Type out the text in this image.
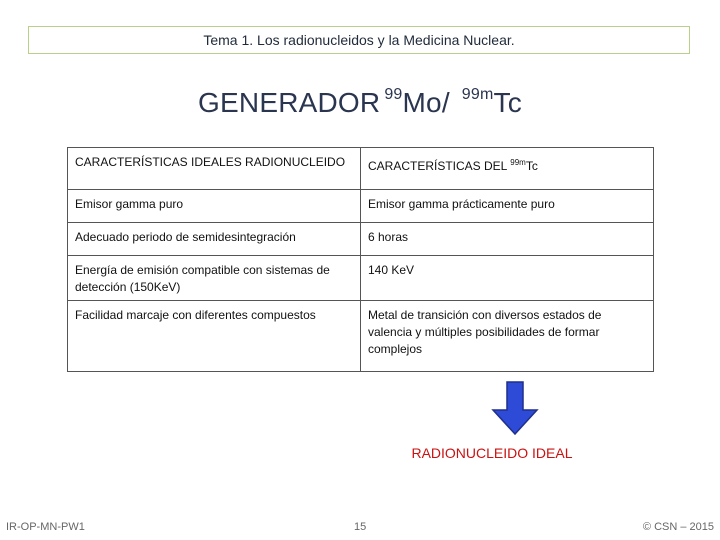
Tema 1. Los radionucleidos y la Medicina Nuclear.
GENERADOR $^{99}$Mo/ $^{99m}$Tc
CARACTERÍSTICAS IDEALES RADIONUCLEIDO	CARACTERÍSTICAS DEL $^{99m}$Tc
Emisor gamma puro	Emisor gamma prácticamente puro
Adecuado periodo de semidesintegración	6 horas
Energía de emisión compatible con sistemas de detección (150KeV)	140 KeV
Facilidad marcaje con diferentes compuestos	Metal de transición con diversos estados de valencia y múltiples posibilidades de formar complejos
RADIONUCLEIDO IDEAL
IR-OP-MN-PW1	15	© CSN – 2015
